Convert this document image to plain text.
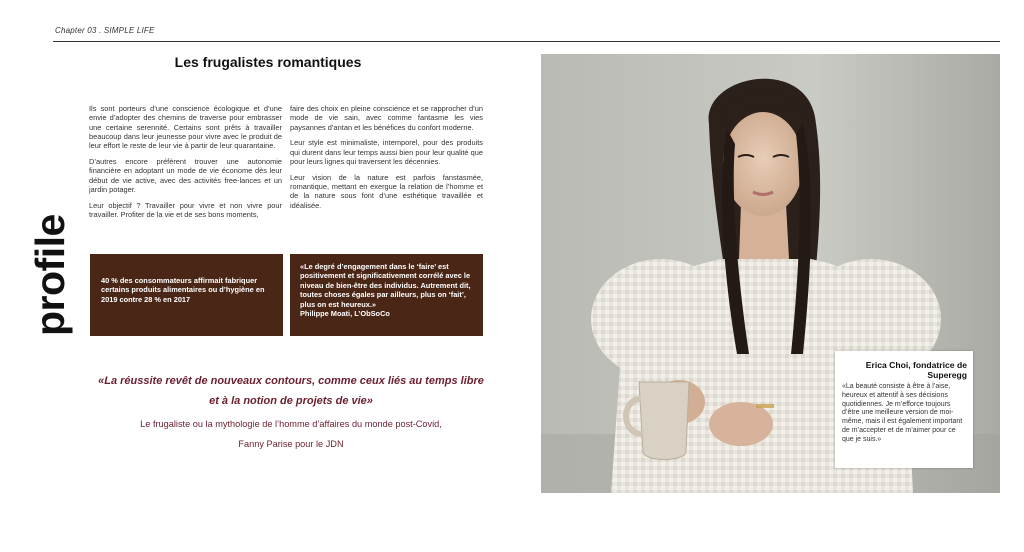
Chapter 03 . SIMPLE LIFE
profile
Les frugalistes romantiques

Ils sont porteurs d’une conscience écologique et d’une envie d’adopter des chemins de traverse pour embrasser une certaine serennité. Certains sont prêts à travailler beaucoup dans leur jeunesse pour vivre avec le produit de leur effort le reste de leur vie à partir de leur quarantaine.

D’autres encore préfèrent trouver une autonomie financière en adoptant un mode de vie économe dès leur début de vie active, avec des activités free-lances et un jardin potager.

Leur objectif ? Travailler pour vivre et non vivre pour travailler. Profiter de la vie et de ses bons moments,

faire des choix en pleine conscience et se rapprocher d’un mode de vie sain, avec comme fantasme les vies paysannes d’antan et les bénéfices du confort moderne.

Leur style est minimaliste, intemporel, pour des produits qui durent dans leur temps aussi bien pour leur qualité que pour leurs lignes qui traversent les décennies.

Leur vision de la nature est parfois fanstasmée, romantique, mettant en exergue la relation de l’homme et de la nature sous font d’une esthétique travaillée et idéalisée.

40 % des consommateurs affirmait fabriquer certains produits alimentaires ou d’hygiène en 2019 contre 28 % en 2017
«Le degré d’engagement dans le ‘faire’ est positivement et significativement corrélé avec le niveau de bien-être des individus. Autrement dit, toutes choses égales par ailleurs, plus on ‘fait’, plus on est heureux.»
Philippe Moati, L’ObSoCo
«La réussite revêt de nouveaux contours, comme ceux liés au temps libre et à la notion de projets de vie»
Le frugaliste ou la mythologie de l’homme d’affaires du monde post-Covid,
Fanny Parise pour le JDN
Erica Choi, fondatrice de Superegg
«La beauté consiste à être à l’aise, heureux et attentif à ses décisions quotidiennes. Je m’efforce toujours d’être une meilleure version de moi-même, mais il est également important de m’accepter et de m’aimer pour ce que je suis.»
